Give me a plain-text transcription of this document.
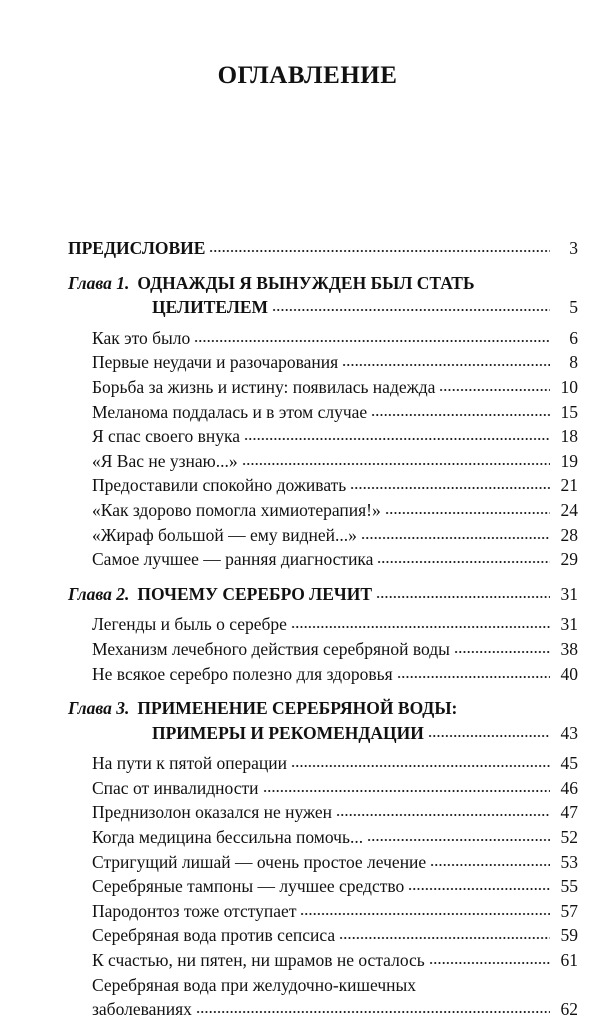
ОГЛАВЛЕНИЕ
ПРЕДИСЛОВИЕ	3
Глава 1. ОДНАЖДЫ Я ВЫНУЖДЕН БЫЛ СТАТЬ
ЦЕЛИТЕЛЕМ	5
Как это было	6
Первые неудачи и разочарования	8
Борьба за жизнь и истину: появилась надежда	10
Меланома поддалась и в этом случае	15
Я спас своего внука	18
«Я Вас не узнаю...»	19
Предоставили спокойно доживать	21
«Как здорово помогла химиотерапия!»	24
«Жираф большой — ему видней...»	28
Самое лучшее — ранняя диагностика	29
Глава 2. ПОЧЕМУ СЕРЕБРО ЛЕЧИТ	31
Легенды и быль о серебре	31
Механизм лечебного действия серебряной воды	38
Не всякое серебро полезно для здоровья	40
Глава 3. ПРИМЕНЕНИЕ СЕРЕБРЯНОЙ ВОДЫ:
ПРИМЕРЫ И РЕКОМЕНДАЦИИ	43
На пути к пятой операции	45
Спас от инвалидности	46
Преднизолон оказался не нужен	47
Когда медицина бессильна помочь...	52
Стригущий лишай — очень простое лечение	53
Серебряные тампоны — лучшее средство	55
Пародонтоз тоже отступает	57
Серебряная вода против сепсиса	59
К счастью, ни пятен, ни шрамов не осталось	61
Серебряная вода при желудочно-кишечных
заболеваниях	62
